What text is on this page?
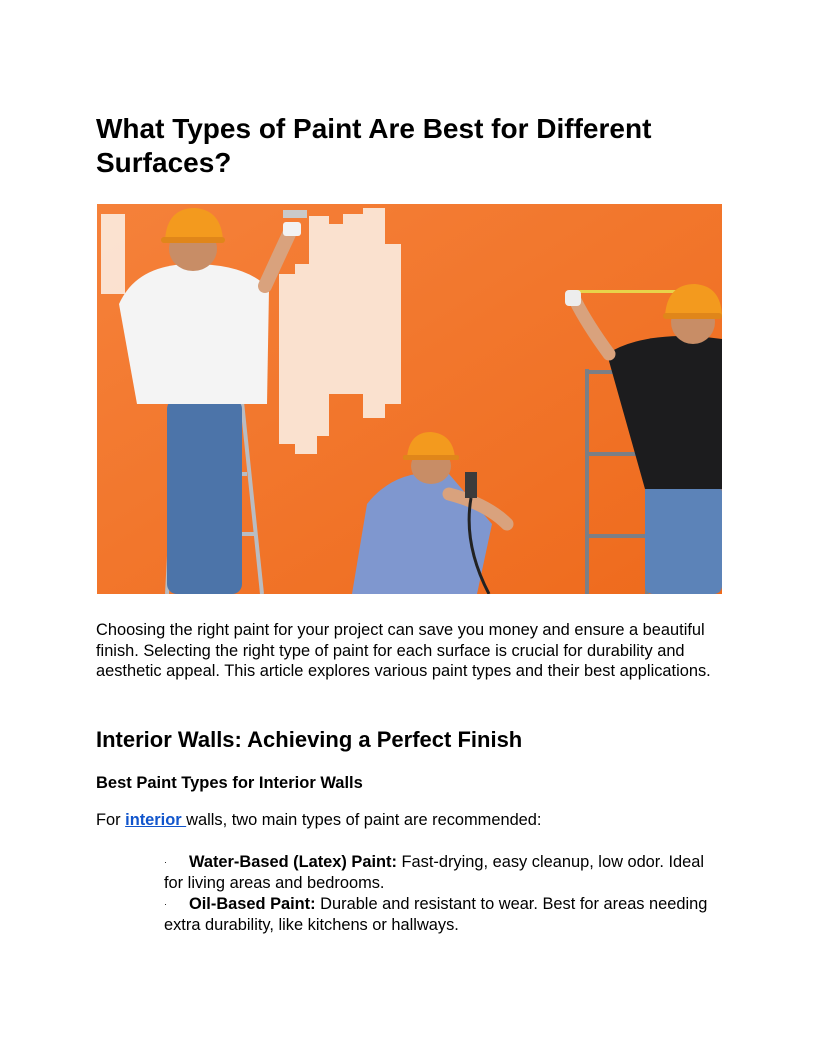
What Types of Paint Are Best for Different Surfaces?

Choosing the right paint for your project can save you money and ensure a beautiful finish. Selecting the right type of paint for each surface is crucial for durability and aesthetic appeal. This article explores various paint types and their best applications.

Interior Walls: Achieving a Perfect Finish
Best Paint Types for Interior Walls

For interior walls, two main types of paint are recommended:

· Water-Based (Latex) Paint: Fast-drying, easy cleanup, low odor. Ideal for living areas and bedrooms.
· Oil-Based Paint: Durable and resistant to wear. Best for areas needing extra durability, like kitchens or hallways.
